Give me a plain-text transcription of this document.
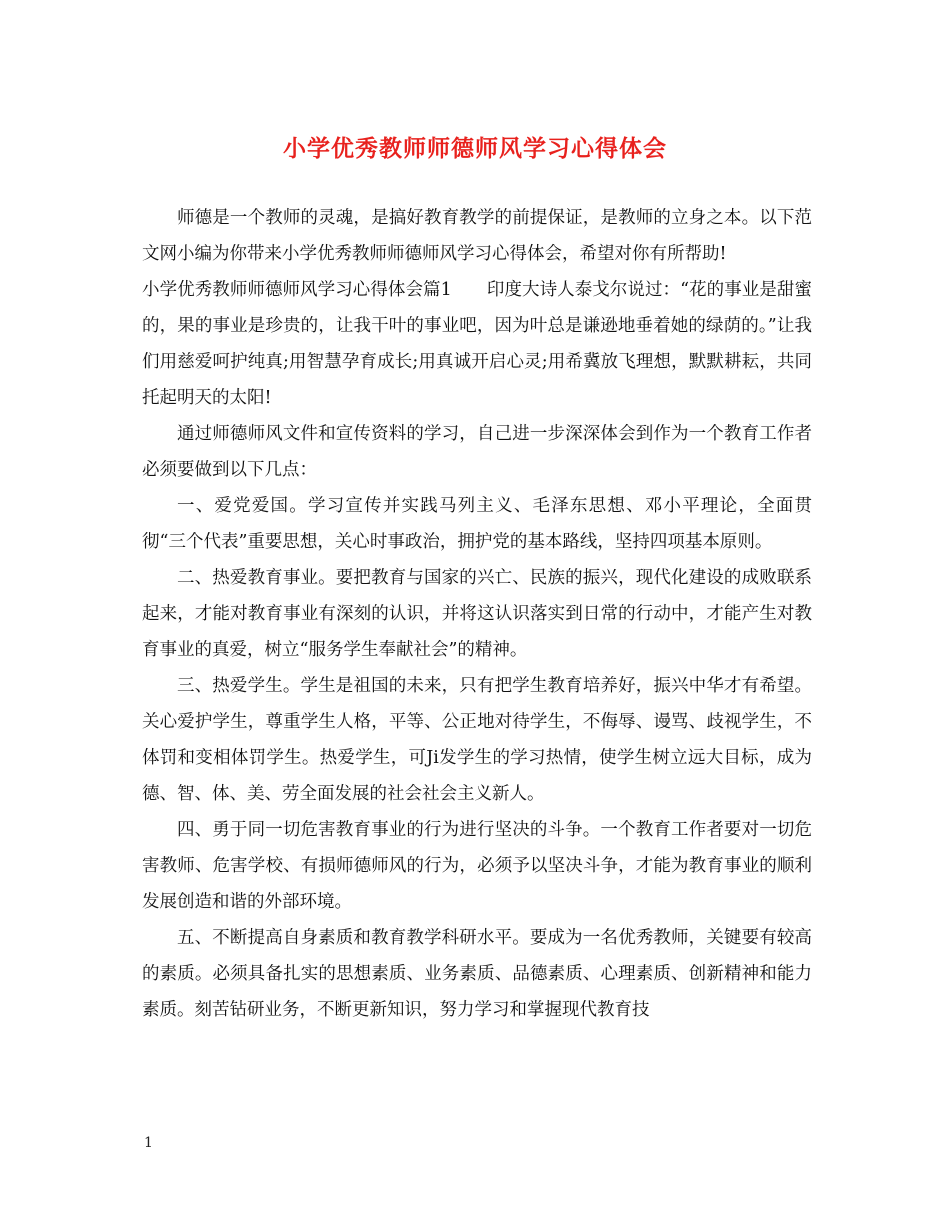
小学优秀教师师德师风学习心得体会

师德是一个教师的灵魂，是搞好教育教学的前提保证，是教师的立身之本。以下范文网小编为你带来小学优秀教师师德师风学习心得体会，希望对你有所帮助!

小学优秀教师师德师风学习心得体会篇1　　印度大诗人泰戈尔说过：“花的事业是甜蜜的，果的事业是珍贵的，让我干叶的事业吧，因为叶总是谦逊地垂着她的绿荫的。”让我们用慈爱呵护纯真;用智慧孕育成长;用真诚开启心灵;用希冀放飞理想，默默耕耘，共同托起明天的太阳!

通过师德师风文件和宣传资料的学习，自己进一步深深体会到作为一个教育工作者必须要做到以下几点：

一、爱党爱国。学习宣传并实践马列主义、毛泽东思想、邓小平理论，全面贯彻“三个代表”重要思想，关心时事政治，拥护党的基本路线，坚持四项基本原则。

二、热爱教育事业。要把教育与国家的兴亡、民族的振兴，现代化建设的成败联系起来，才能对教育事业有深刻的认识，并将这认识落实到日常的行动中，才能产生对教育事业的真爱，树立“服务学生奉献社会”的精神。

三、热爱学生。学生是祖国的未来，只有把学生教育培养好，振兴中华才有希望。关心爱护学生，尊重学生人格，平等、公正地对待学生，不侮辱、谩骂、歧视学生，不体罚和变相体罚学生。热爱学生，可Ji发学生的学习热情，使学生树立远大目标，成为德、智、体、美、劳全面发展的社会社会主义新人。

四、勇于同一切危害教育事业的行为进行坚决的斗争。一个教育工作者要对一切危害教师、危害学校、有损师德师风的行为，必须予以坚决斗争，才能为教育事业的顺利发展创造和谐的外部环境。

五、不断提高自身素质和教育教学科研水平。要成为一名优秀教师，关键要有较高的素质。必须具备扎实的思想素质、业务素质、品德素质、心理素质、创新精神和能力素质。刻苦钻研业务，不断更新知识，努力学习和掌握现代教育技

1
